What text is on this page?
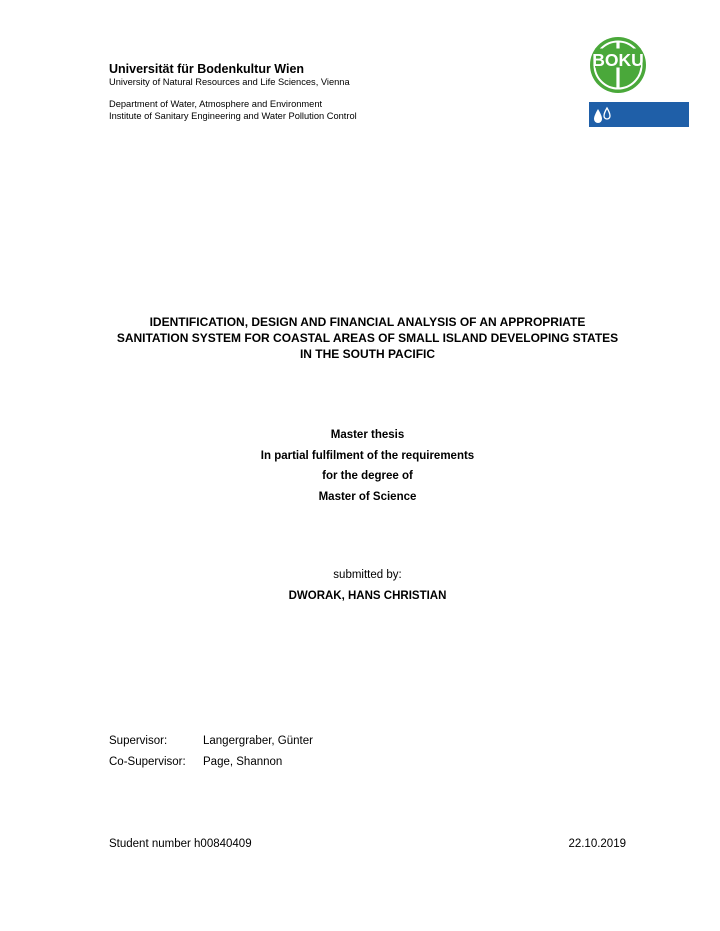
Universität für Bodenkultur Wien
University of Natural Resources and Life Sciences, Vienna
Department of Water, Atmosphere and Environment
Institute of Sanitary Engineering and Water Pollution Control
BOKU
IDENTIFICATION, DESIGN AND FINANCIAL ANALYSIS OF AN APPROPRIATE
SANITATION SYSTEM FOR COASTAL AREAS OF SMALL ISLAND DEVELOPING STATES
IN THE SOUTH PACIFIC
Master thesis
In partial fulfilment of the requirements
for the degree of
Master of Science
submitted by:
DWORAK, HANS CHRISTIAN
Supervisor:	Langergraber, Günter
Co-Supervisor: Page, Shannon
Student number h00840409	22.10.2019
